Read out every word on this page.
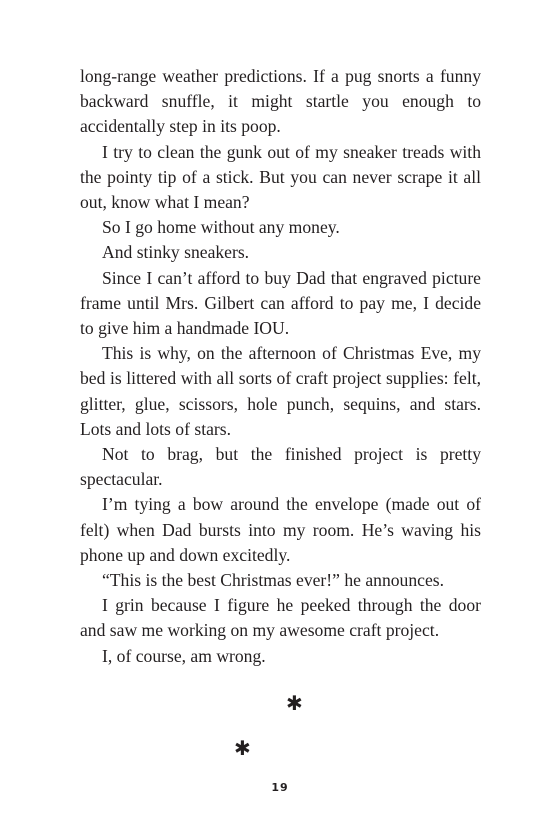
long-range weather predictions. If a pug snorts a funny backward snuffle, it might startle you enough to accidentally step in its poop.

I try to clean the gunk out of my sneaker treads with the pointy tip of a stick. But you can never scrape it all out, know what I mean?

So I go home without any money.

And stinky sneakers.

Since I can’t afford to buy Dad that engraved picture frame until Mrs. Gilbert can afford to pay me, I decide to give him a handmade IOU.

This is why, on the afternoon of Christmas Eve, my bed is littered with all sorts of craft project supplies: felt, glitter, glue, scissors, hole punch, sequins, and stars. Lots and lots of stars.

Not to brag, but the finished project is pretty spectacular.

I’m tying a bow around the envelope (made out of felt) when Dad bursts into my room. He’s waving his phone up and down excitedly.

“This is the best Christmas ever!” he announces.

I grin because I figure he peeked through the door and saw me working on my awesome craft project.

I, of course, am wrong.

✱
✱
19
